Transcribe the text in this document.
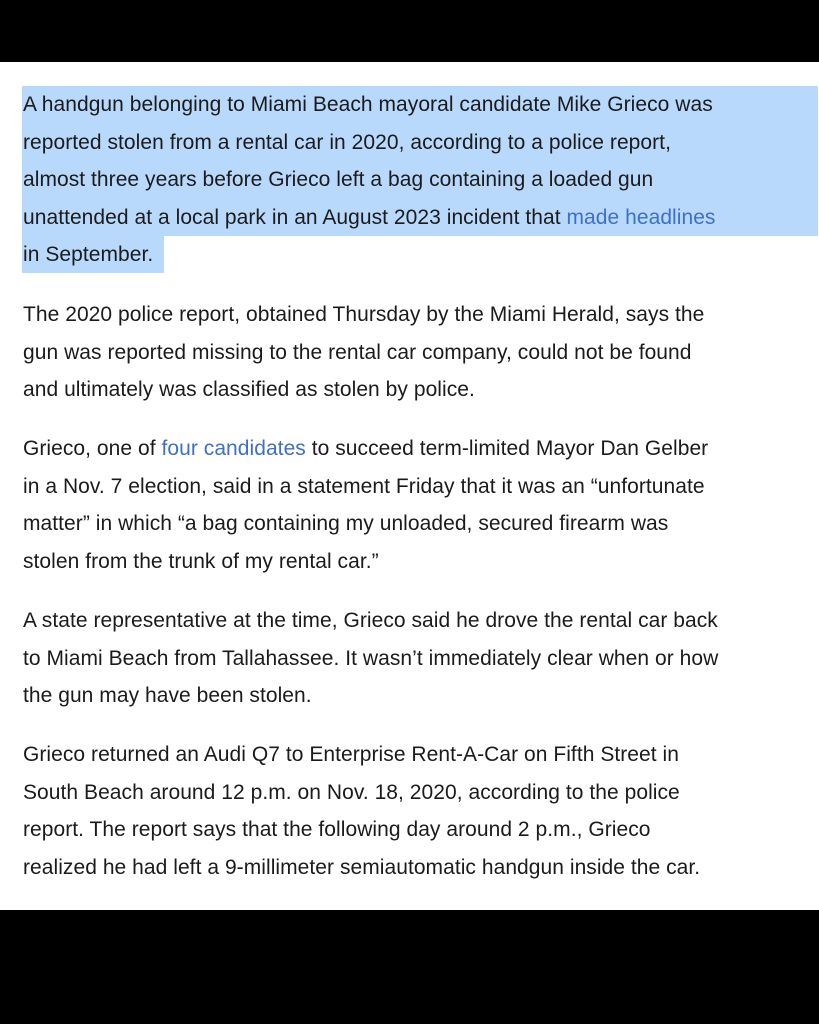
A handgun belonging to Miami Beach mayoral candidate Mike Grieco was
reported stolen from a rental car in 2020, according to a police report,
almost three years before Grieco left a bag containing a loaded gun
unattended at a local park in an August 2023 incident that made headlines
in September.
The 2020 police report, obtained Thursday by the Miami Herald, says the
gun was reported missing to the rental car company, could not be found
and ultimately was classified as stolen by police.
Grieco, one of four candidates to succeed term-limited Mayor Dan Gelber
in a Nov. 7 election, said in a statement Friday that it was an “unfortunate
matter” in which “a bag containing my unloaded, secured firearm was
stolen from the trunk of my rental car.”
A state representative at the time, Grieco said he drove the rental car back
to Miami Beach from Tallahassee. It wasn’t immediately clear when or how
the gun may have been stolen.
Grieco returned an Audi Q7 to Enterprise Rent-A-Car on Fifth Street in
South Beach around 12 p.m. on Nov. 18, 2020, according to the police
report. The report says that the following day around 2 p.m., Grieco
realized he had left a 9-millimeter semiautomatic handgun inside the car.
